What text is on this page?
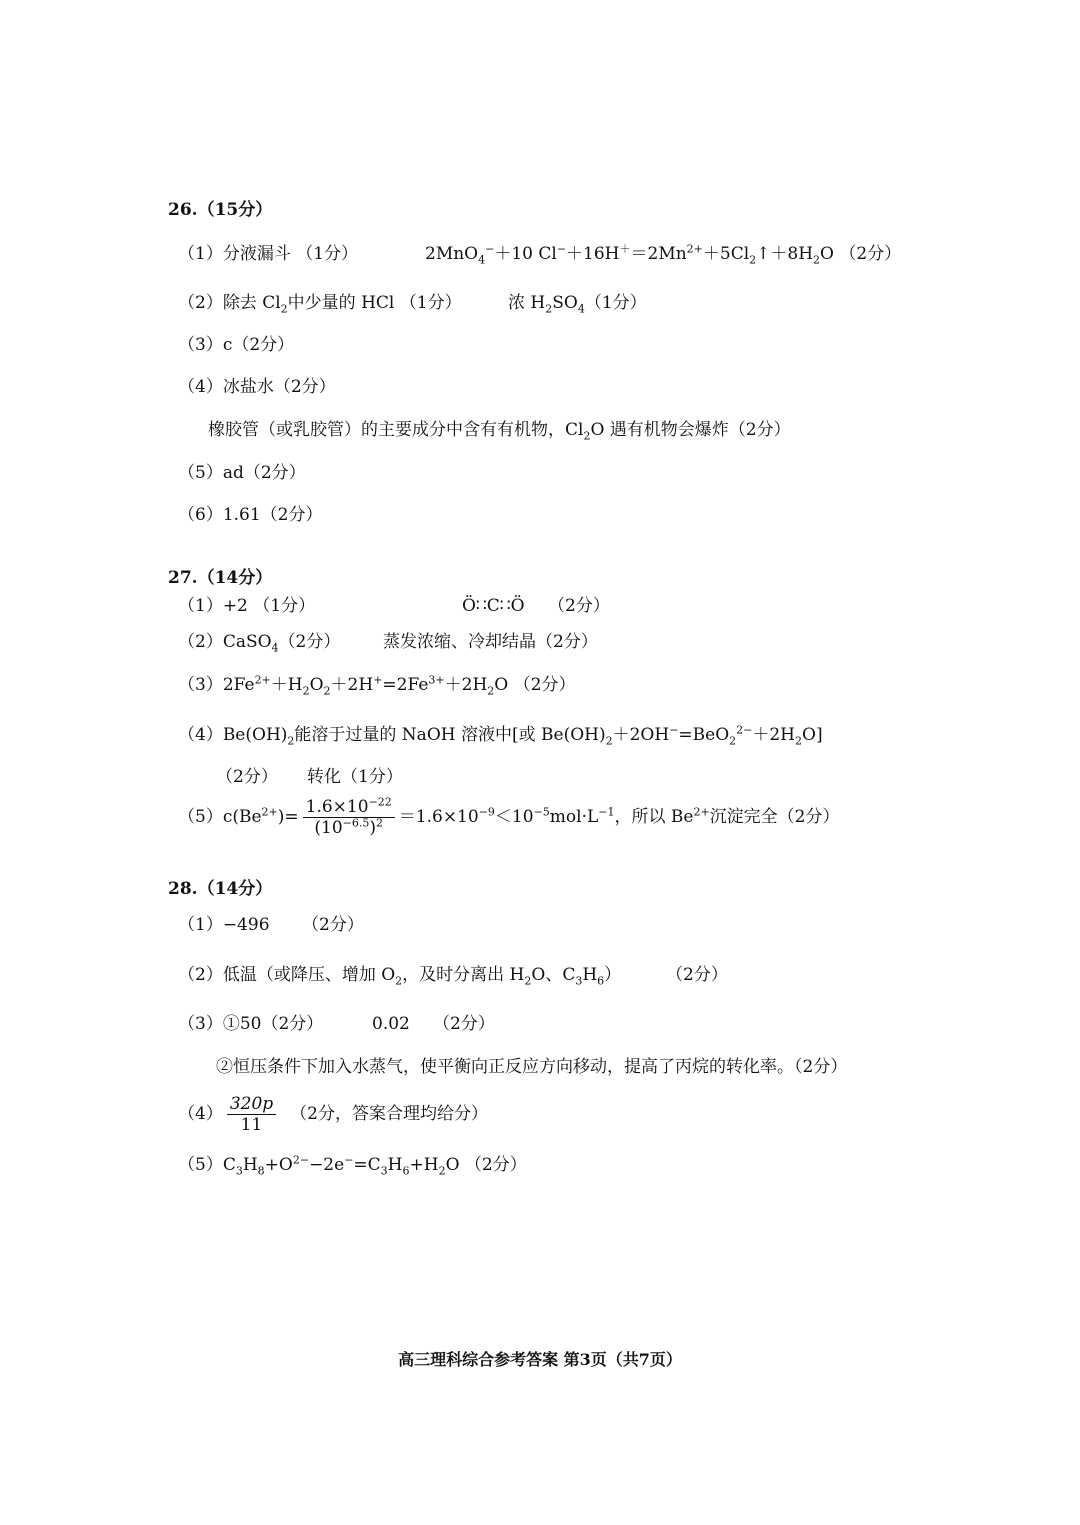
26.（15分）
（1）分液漏斗 （1分）	2MnO$_4$−＋10 $Cl^-+16H^+=2Mn^{2+}+5Cl_2↑+8H_2O$ （2分）
（2）除去 $Cl_2$中少量的 HCl （1分）	浓 $H_2SO_4(1$分）
（3）c（2分）
（4）冰盐水（2分）
橡胶管（或乳胶管）的主要成分中含有有机物，$Cl_2O$ 遇有机物会爆炸（2分）
（5）ad（2分）
（6）1.61（2分）
27.（14分）
（1）+2 （1分）	Ö∷C∷Ö （2分）
（2）CaSO$_4$（2分）	蒸发浓缩、冷却结晶（2分）
$(3)2Fe^{2+}+H_2O_2+2H^+=2Fe^{3+}+2H_2O$ （2分）
$(4)Be(OH)_2$能溶于过量的 NaOH 溶液中[或 $Be(OH)_2+2OH^-=BeO_2^{2-}+2H_2O$]
（2分） 转化（1分）
$(5)c(Be^{2+})= \frac{1.6\times 10^{-22}}{(10^{-6.5})^2} =1.6\times 10^{-9}<10^{-5}mol\cdot L^{-1}$，所以 $Be^{2+}$沉淀完全（2分）
28.（14分）
（1）−496 （2分）
（2）低温（或降压、增加 $O_2$，及时分离出 $H_2O$、$C_3H_6$）	（2分）
（3）①50（2分）	0.02 （2分）
②恒压条件下加入水蒸气，使平衡向正反应方向移动，提高了丙烷的转化率。（2分）
$(4) \frac{320p}{11} (2$分，答案合理均给分）
$(5)C_3H_8+O^{2-}-2e^-=C_3H_6+H_2O$ （2分）
高三理科综合参考答案 第3页（共7页）
